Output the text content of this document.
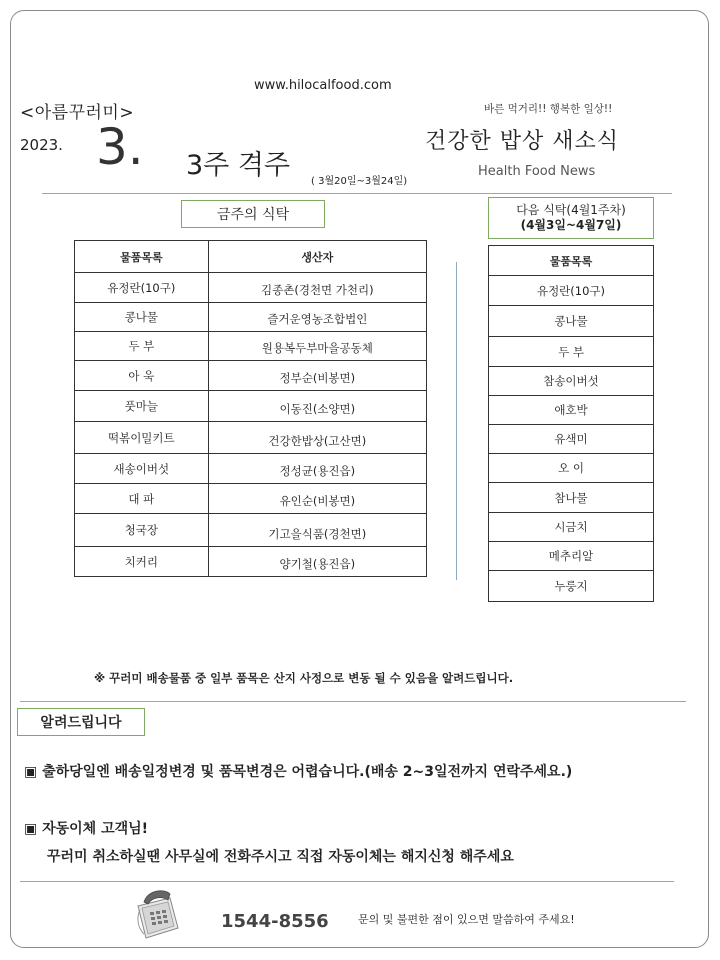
www.hilocalfood.com
<아름꾸러미>	바른 먹거리!! 행복한 일상!!
2023. 3.	건강한 밥상 새소식
3주 격주
( 3월20일~3월24일)
Health Food News
금주의 식탁	다음 식탁(4월1주차)
(4월3일~4월7일)
물품목록	생산자
유정란(10구)	김종촌(경천면 가천리)
콩나물	즐거운영농조합법인
두 부	원용복두부마을공동체
아 욱	정부순(비봉면)
풋마늘	이동진(소양면)
떡볶이밀키트	건강한밥상(고산면)
새송이버섯	정성균(용진읍)
대 파	유인순(비봉면)
청국장	기고을식품(경천면)
치커리	양기철(용진읍)
물품목록
유정란(10구)
콩나물
두 부
참송이버섯
애호박
유색미
오 이
참나물
시금치
메추리알
누룽지
※ 꾸러미 배송물품 중 일부 품목은 산지 사정으로 변동 될 수 있음을 알려드립니다.
알려드립니다
▣ 출하당일엔 배송일정변경 및 품목변경은 어렵습니다.(배송 2~3일전까지 연락주세요.)
▣ 자동이체 고객님!
꾸러미 취소하실땐 사무실에 전화주시고 직접 자동이체는 해지신청 해주세요
1544-8556	문의 및 불편한 점이 있으면 말씀하여 주세요!
